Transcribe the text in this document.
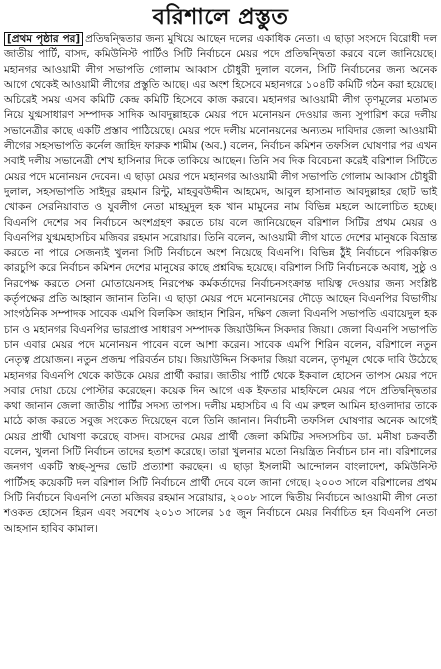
বরিশালে প্রস্তুত

[প্রথম পৃষ্ঠার পর] প্রতিদ্বন্দ্বিতার জন্য মুখিয়ে আছেন দলের একাধিক নেতা। এ ছাড়া সংসদে বিরোধী দল জাতীয় পার্টি, বাসদ, কমিউনিস্ট পার্টিও সিটি নির্বাচনে মেয়র পদে প্রতিদ্বন্দ্বিতা করবে বলে জানিয়েছে। মহানগর আওয়ামী লীগ সভাপতি গোলাম আব্বাস চৌধুরী দুলাল বলেন, সিটি নির্বাচনের জন্য অনেক আগে থেকেই আওয়ামী লীগের প্রস্তুতি আছে। এর অংশ হিসেবে মহানগরে ১০৪টি কমিটি গঠন করা হয়েছে। অচিরেই সময় এসব কমিটি কেন্দ্র কমিটি হিসেবে কাজ করবে। মহানগর আওয়ামী লীগ তৃণমূলের মতামত নিয়ে যুগ্মসাধারণ সম্পাদক সাদিক আবদুল্লাহকে মেয়র পদে মনোনয়ন দেওয়ার জন্য সুপারিশ করে দলীয় সভানেত্রীর কাছে একটি প্রস্তাব পাঠিয়েছে। মেয়র পদে দলীয় মনোনয়নের অন্যতম দাবিদার জেলা আওয়ামী লীগের সহসভাপতি কর্নেল জাহিদ ফারুক শামীম (অব.) বলেন, নির্বাচন কমিশন তফসিল ঘোষণার পর এখন সবাই দলীয় সভানেত্রী শেখ হাসিনার দিকে তাকিয়ে আছেন। তিনি সব দিক বিবেচনা করেই বরিশাল সিটিতে মেয়র পদে মনোনয়ন দেবেন। এ ছাড়া মেয়র পদে মহানগর আওয়ামী লীগ সভাপতি গোলাম আব্বাস চৌধুরী দুলাল, সহসভাপতি সাইদুর রহমান রিন্টু, মাহবুবউদ্দীন আহমেদ, আবুল হাসানাত আবদুল্লাহর ছোট ভাই খোকন সেরনিয়াবাত ও যুবলীগ নেতা মাহমুদুল হক খান মামুনের নাম বিভিন্ন মহলে আলোচিত হচ্ছে। বিএনপি দেশের সব নির্বাচনে অংশগ্রহণ করতে চায় বলে জানিয়েছেন বরিশাল সিটির প্রথম মেয়র ও বিএনপির যুগ্মমহাসচিব মজিবর রহমান সরোয়ার। তিনি বলেন, আওয়ামী লীগ যাতে দেশের মানুষকে বিভ্রান্ত করতে না পারে সেজন্যই খুলনা সিটি নির্বাচনে অংশ নিয়েছে বিএনপি। বিভিন্ন ঠুঁই নির্বাচনে পরিকল্পিত কারচুপি করে নির্বাচন কমিশন দেশের মানুষের কাছে প্রশ্নবিদ্ধ হয়েছে। বরিশাল সিটি নির্বাচনকে অবাধ, সুষ্ঠু ও নিরপেক্ষ করতে সেনা মোতায়েনসহ নিরপেক্ষ কর্মকর্তাদের নির্বাচনসংক্রান্ত দায়িত্ব দেওয়ার জন্য সংশ্লিষ্ট কর্তৃপক্ষের প্রতি আহ্বান জানান তিনি। এ ছাড়া মেয়র পদে মনোনয়নের দৌড়ে আছেন বিএনপির বিভাগীয় সাংগঠনিক সম্পাদক সাবেক এমপি বিলকিস জাহান শিরিন, দক্ষিণ জেলা বিএনপি সভাপতি এবায়েদুল হক চান ও মহানগর বিএনপির ভারপ্রাপ্ত সাধারণ সম্পাদক জিয়াউদ্দিন সিকদার জিয়া। জেলা বিএনপি সভাপতি চান এবার মেয়র পদে মনোনয়ন পাবেন বলে আশা করেন। সাবেক এমপি শিরিন বলেন, বরিশালে নতুন নেতৃত্ব প্রয়োজন। নতুন প্রজন্ম পরিবর্তন চায়। জিয়াউদ্দিন সিকদার জিয়া বলেন, তৃণমূল থেকে দাবি উঠেছে মহানগর বিএনপি থেকে কাউকে মেয়র প্রার্থী করার। জাতীয় পার্টি থেকে ইকবাল হোসেন তাপস মেয়র পদে সবার দোয়া চেয়ে পোস্টার করেছেন। কয়েক দিন আগে এক ইফতার মাহফিলে মেয়র পদে প্রতিদ্বন্দ্বিতার কথা জানান জেলা জাতীয় পার্টির সদস্য তাপস। দলীয় মহাসচিব এ বি এম রুহুল আমিন হাওলাদার তাকে মাঠে কাজ করতে সবুজ সংকেত দিয়েছেন বলে তিনি জানান। নির্বাচনী তফসিল ঘোষণার অনেক আগেই মেয়র প্রার্থী ঘোষণা করেছে বাসদ। বাসদের মেয়র প্রার্থী জেলা কমিটির সদস্যসচিব ডা. মনীষা চক্রবর্তী বলেন, খুলনা সিটি নির্বাচন তাদের হতাশ করেছে। তারা খুলনার মতো নিয়ন্ত্রিত নির্বাচন চান না। বরিশালের জনগণ একটি স্বচ্ছ-সুন্দর ভোট প্রত্যাশা করছেন। এ ছাড়া ইসলামী আন্দোলন বাংলাদেশ, কমিউনিস্ট পার্টিসহ কয়েকটি দল বরিশাল সিটি নির্বাচনে প্রার্থী দেবে বলে জানা গেছে। ২০০৩ সালে বরিশালের প্রথম সিটি নির্বাচনে বিএনপি নেতা মজিবর রহমান সরোয়ার, ২০০৮ সালে দ্বিতীয় নির্বাচনে আওয়ামী লীগ নেতা শওকত হোসেন হিরন এবং সবশেষ ২০১৩ সালের ১৫ জুন নির্বাচনে মেয়র নির্বাচিত হন বিএনপি নেতা আহসান হাবিব কামাল।
